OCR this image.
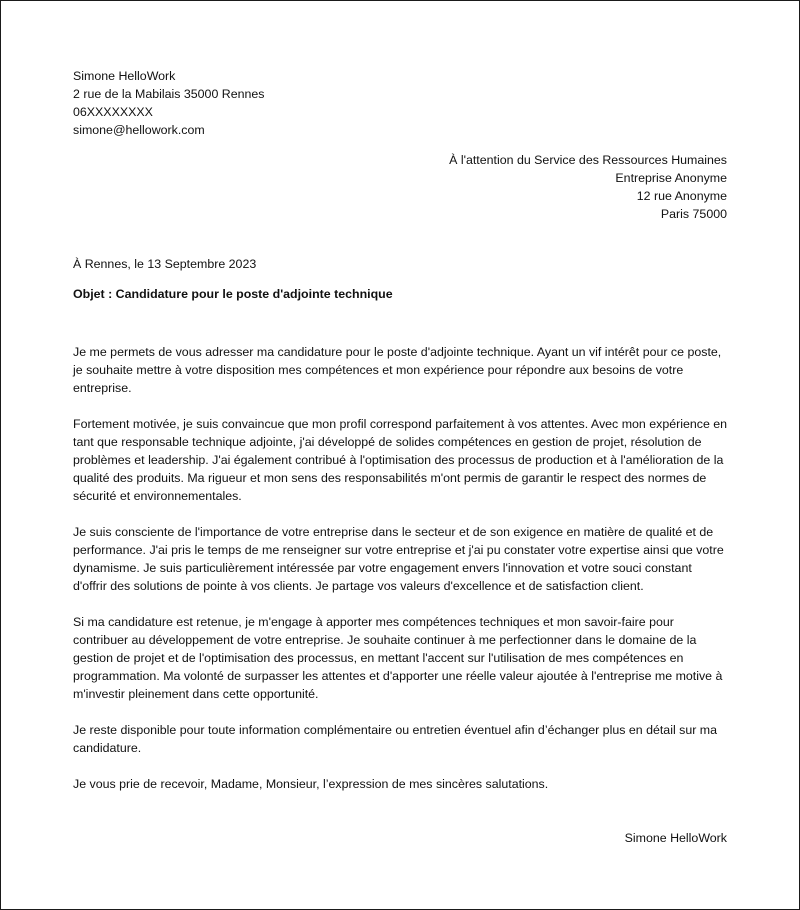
Simone HelloWork
2 rue de la Mabilais 35000 Rennes
06XXXXXXXX
simone@hellowork.com
À l'attention du Service des Ressources Humaines
Entreprise Anonyme
12 rue Anonyme
Paris 75000
À Rennes, le 13 Septembre 2023
Objet : Candidature pour le poste d'adjointe technique

Je me permets de vous adresser ma candidature pour le poste d'adjointe technique. Ayant un vif intérêt pour ce poste, je souhaite mettre à votre disposition mes compétences et mon expérience pour répondre aux besoins de votre entreprise.

Fortement motivée, je suis convaincue que mon profil correspond parfaitement à vos attentes. Avec mon expérience en tant que responsable technique adjointe, j'ai développé de solides compétences en gestion de projet, résolution de problèmes et leadership. J'ai également contribué à l'optimisation des processus de production et à l'amélioration de la qualité des produits. Ma rigueur et mon sens des responsabilités m'ont permis de garantir le respect des normes de sécurité et environnementales.

Je suis consciente de l'importance de votre entreprise dans le secteur et de son exigence en matière de qualité et de performance. J'ai pris le temps de me renseigner sur votre entreprise et j'ai pu constater votre expertise ainsi que votre dynamisme. Je suis particulièrement intéressée par votre engagement envers l'innovation et votre souci constant d'offrir des solutions de pointe à vos clients. Je partage vos valeurs d'excellence et de satisfaction client.

Si ma candidature est retenue, je m'engage à apporter mes compétences techniques et mon savoir-faire pour contribuer au développement de votre entreprise. Je souhaite continuer à me perfectionner dans le domaine de la gestion de projet et de l'optimisation des processus, en mettant l'accent sur l'utilisation de mes compétences en programmation. Ma volonté de surpasser les attentes et d'apporter une réelle valeur ajoutée à l'entreprise me motive à m'investir pleinement dans cette opportunité.

Je reste disponible pour toute information complémentaire ou entretien éventuel afin d’échanger plus en détail sur ma candidature.

Je vous prie de recevoir, Madame, Monsieur, l’expression de mes sincères salutations.

Simone HelloWork
